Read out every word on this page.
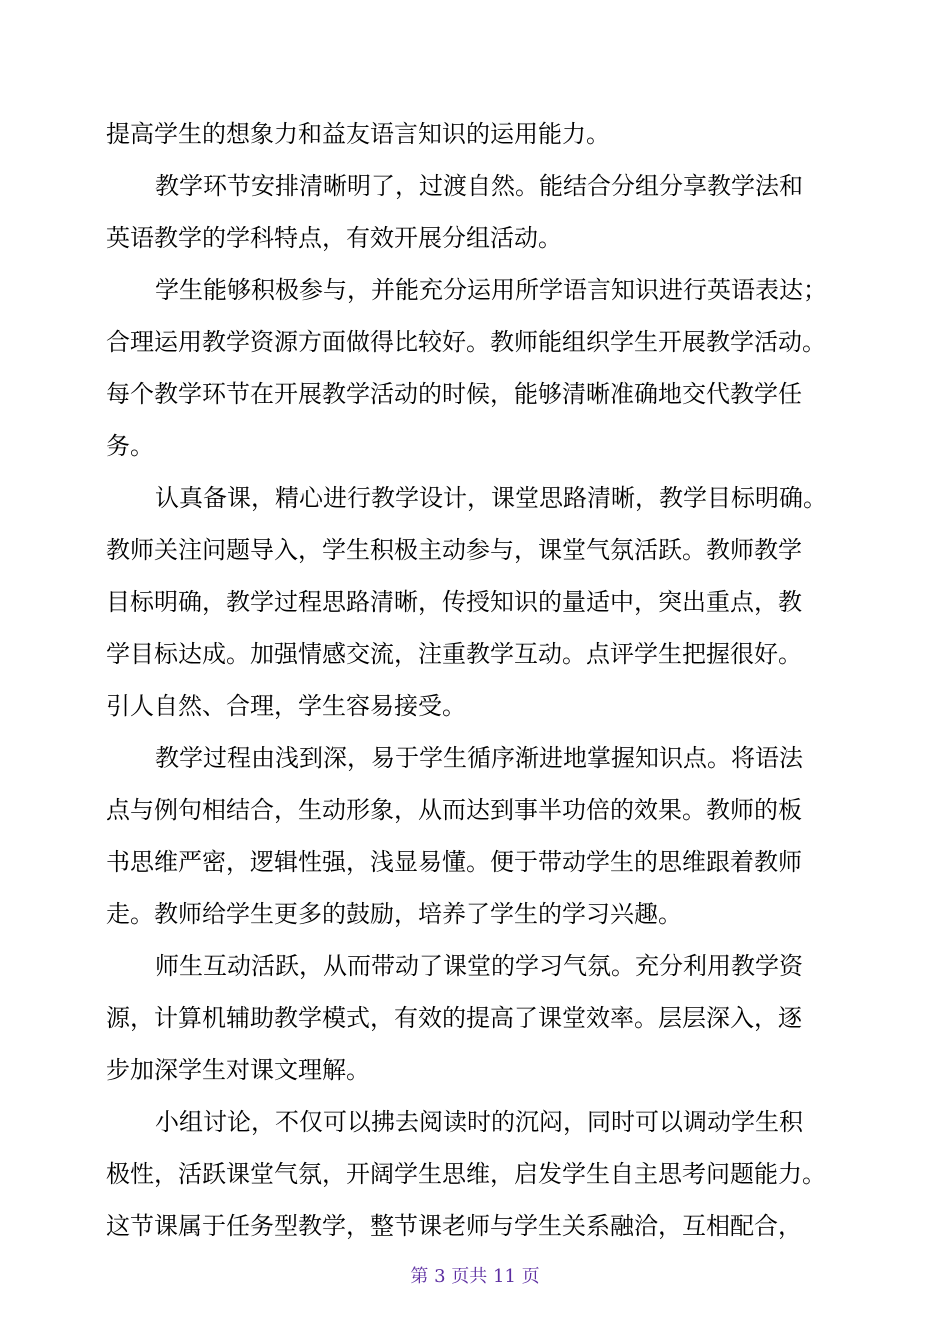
提高学生的想象力和益友语言知识的运用能力。
教学环节安排清晰明了，过渡自然。能结合分组分享教学法和
英语教学的学科特点，有效开展分组活动。
学生能够积极参与，并能充分运用所学语言知识进行英语表达；
合理运用教学资源方面做得比较好。教师能组织学生开展教学活动。
每个教学环节在开展教学活动的时候，能够清晰准确地交代教学任
务。
认真备课，精心进行教学设计，课堂思路清晰，教学目标明确。
教师关注问题导入，学生积极主动参与，课堂气氛活跃。教师教学
目标明确，教学过程思路清晰，传授知识的量适中，突出重点，教
学目标达成。加强情感交流，注重教学互动。点评学生把握很好。
引人自然、合理，学生容易接受。
教学过程由浅到深，易于学生循序渐进地掌握知识点。将语法
点与例句相结合，生动形象，从而达到事半功倍的效果。教师的板
书思维严密，逻辑性强，浅显易懂。便于带动学生的思维跟着教师
走。教师给学生更多的鼓励，培养了学生的学习兴趣。
师生互动活跃，从而带动了课堂的学习气氛。充分利用教学资
源，计算机辅助教学模式，有效的提高了课堂效率。层层深入，逐
步加深学生对课文理解。
小组讨论，不仅可以拂去阅读时的沉闷，同时可以调动学生积
极性，活跃课堂气氛，开阔学生思维，启发学生自主思考问题能力。
这节课属于任务型教学，整节课老师与学生关系融洽，互相配合，
第 3 页共 11 页
